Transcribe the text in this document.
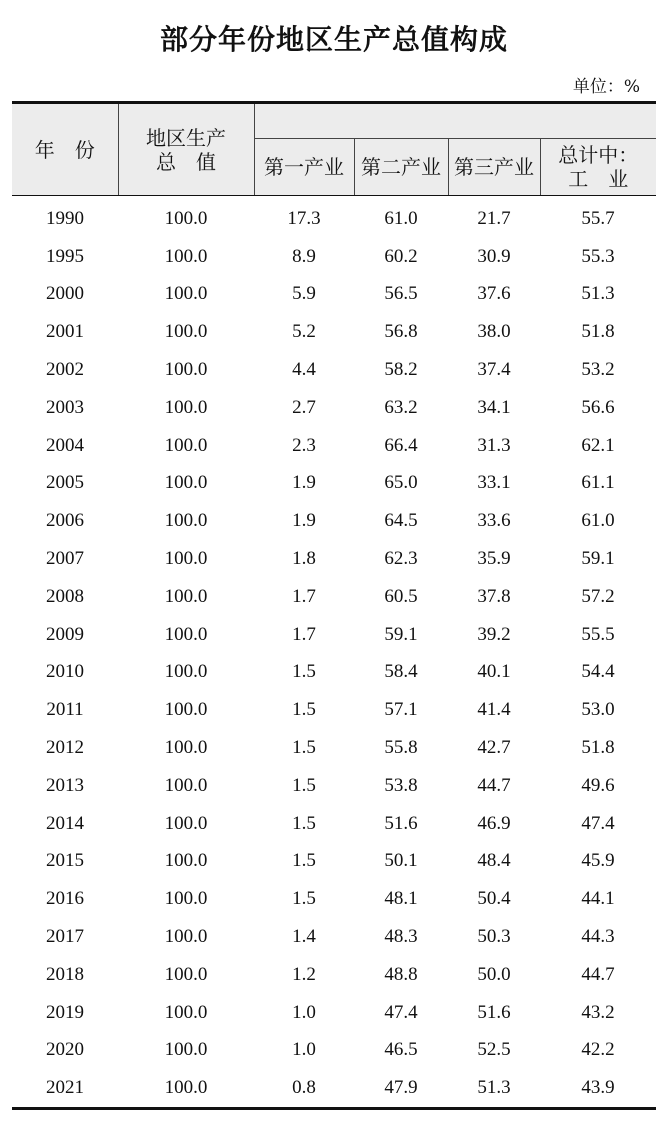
部分年份地区生产总值构成
单位：%
年　份	地区生产
总　值				

		第一产业	第二产业	第三产业	总计中：
工　业

1990	100.0	17.3	61.0	21.7	55.7
1995	100.0	8.9	60.2	30.9	55.3
2000	100.0	5.9	56.5	37.6	51.3
2001	100.0	5.2	56.8	38.0	51.8
2002	100.0	4.4	58.2	37.4	53.2
2003	100.0	2.7	63.2	34.1	56.6
2004	100.0	2.3	66.4	31.3	62.1
2005	100.0	1.9	65.0	33.1	61.1
2006	100.0	1.9	64.5	33.6	61.0
2007	100.0	1.8	62.3	35.9	59.1
2008	100.0	1.7	60.5	37.8	57.2
2009	100.0	1.7	59.1	39.2	55.5
2010	100.0	1.5	58.4	40.1	54.4
2011	100.0	1.5	57.1	41.4	53.0
2012	100.0	1.5	55.8	42.7	51.8
2013	100.0	1.5	53.8	44.7	49.6
2014	100.0	1.5	51.6	46.9	47.4
2015	100.0	1.5	50.1	48.4	45.9
2016	100.0	1.5	48.1	50.4	44.1
2017	100.0	1.4	48.3	50.3	44.3
2018	100.0	1.2	48.8	50.0	44.7
2019	100.0	1.0	47.4	51.6	43.2
2020	100.0	1.0	46.5	52.5	42.2
2021	100.0	0.8	47.9	51.3	43.9
